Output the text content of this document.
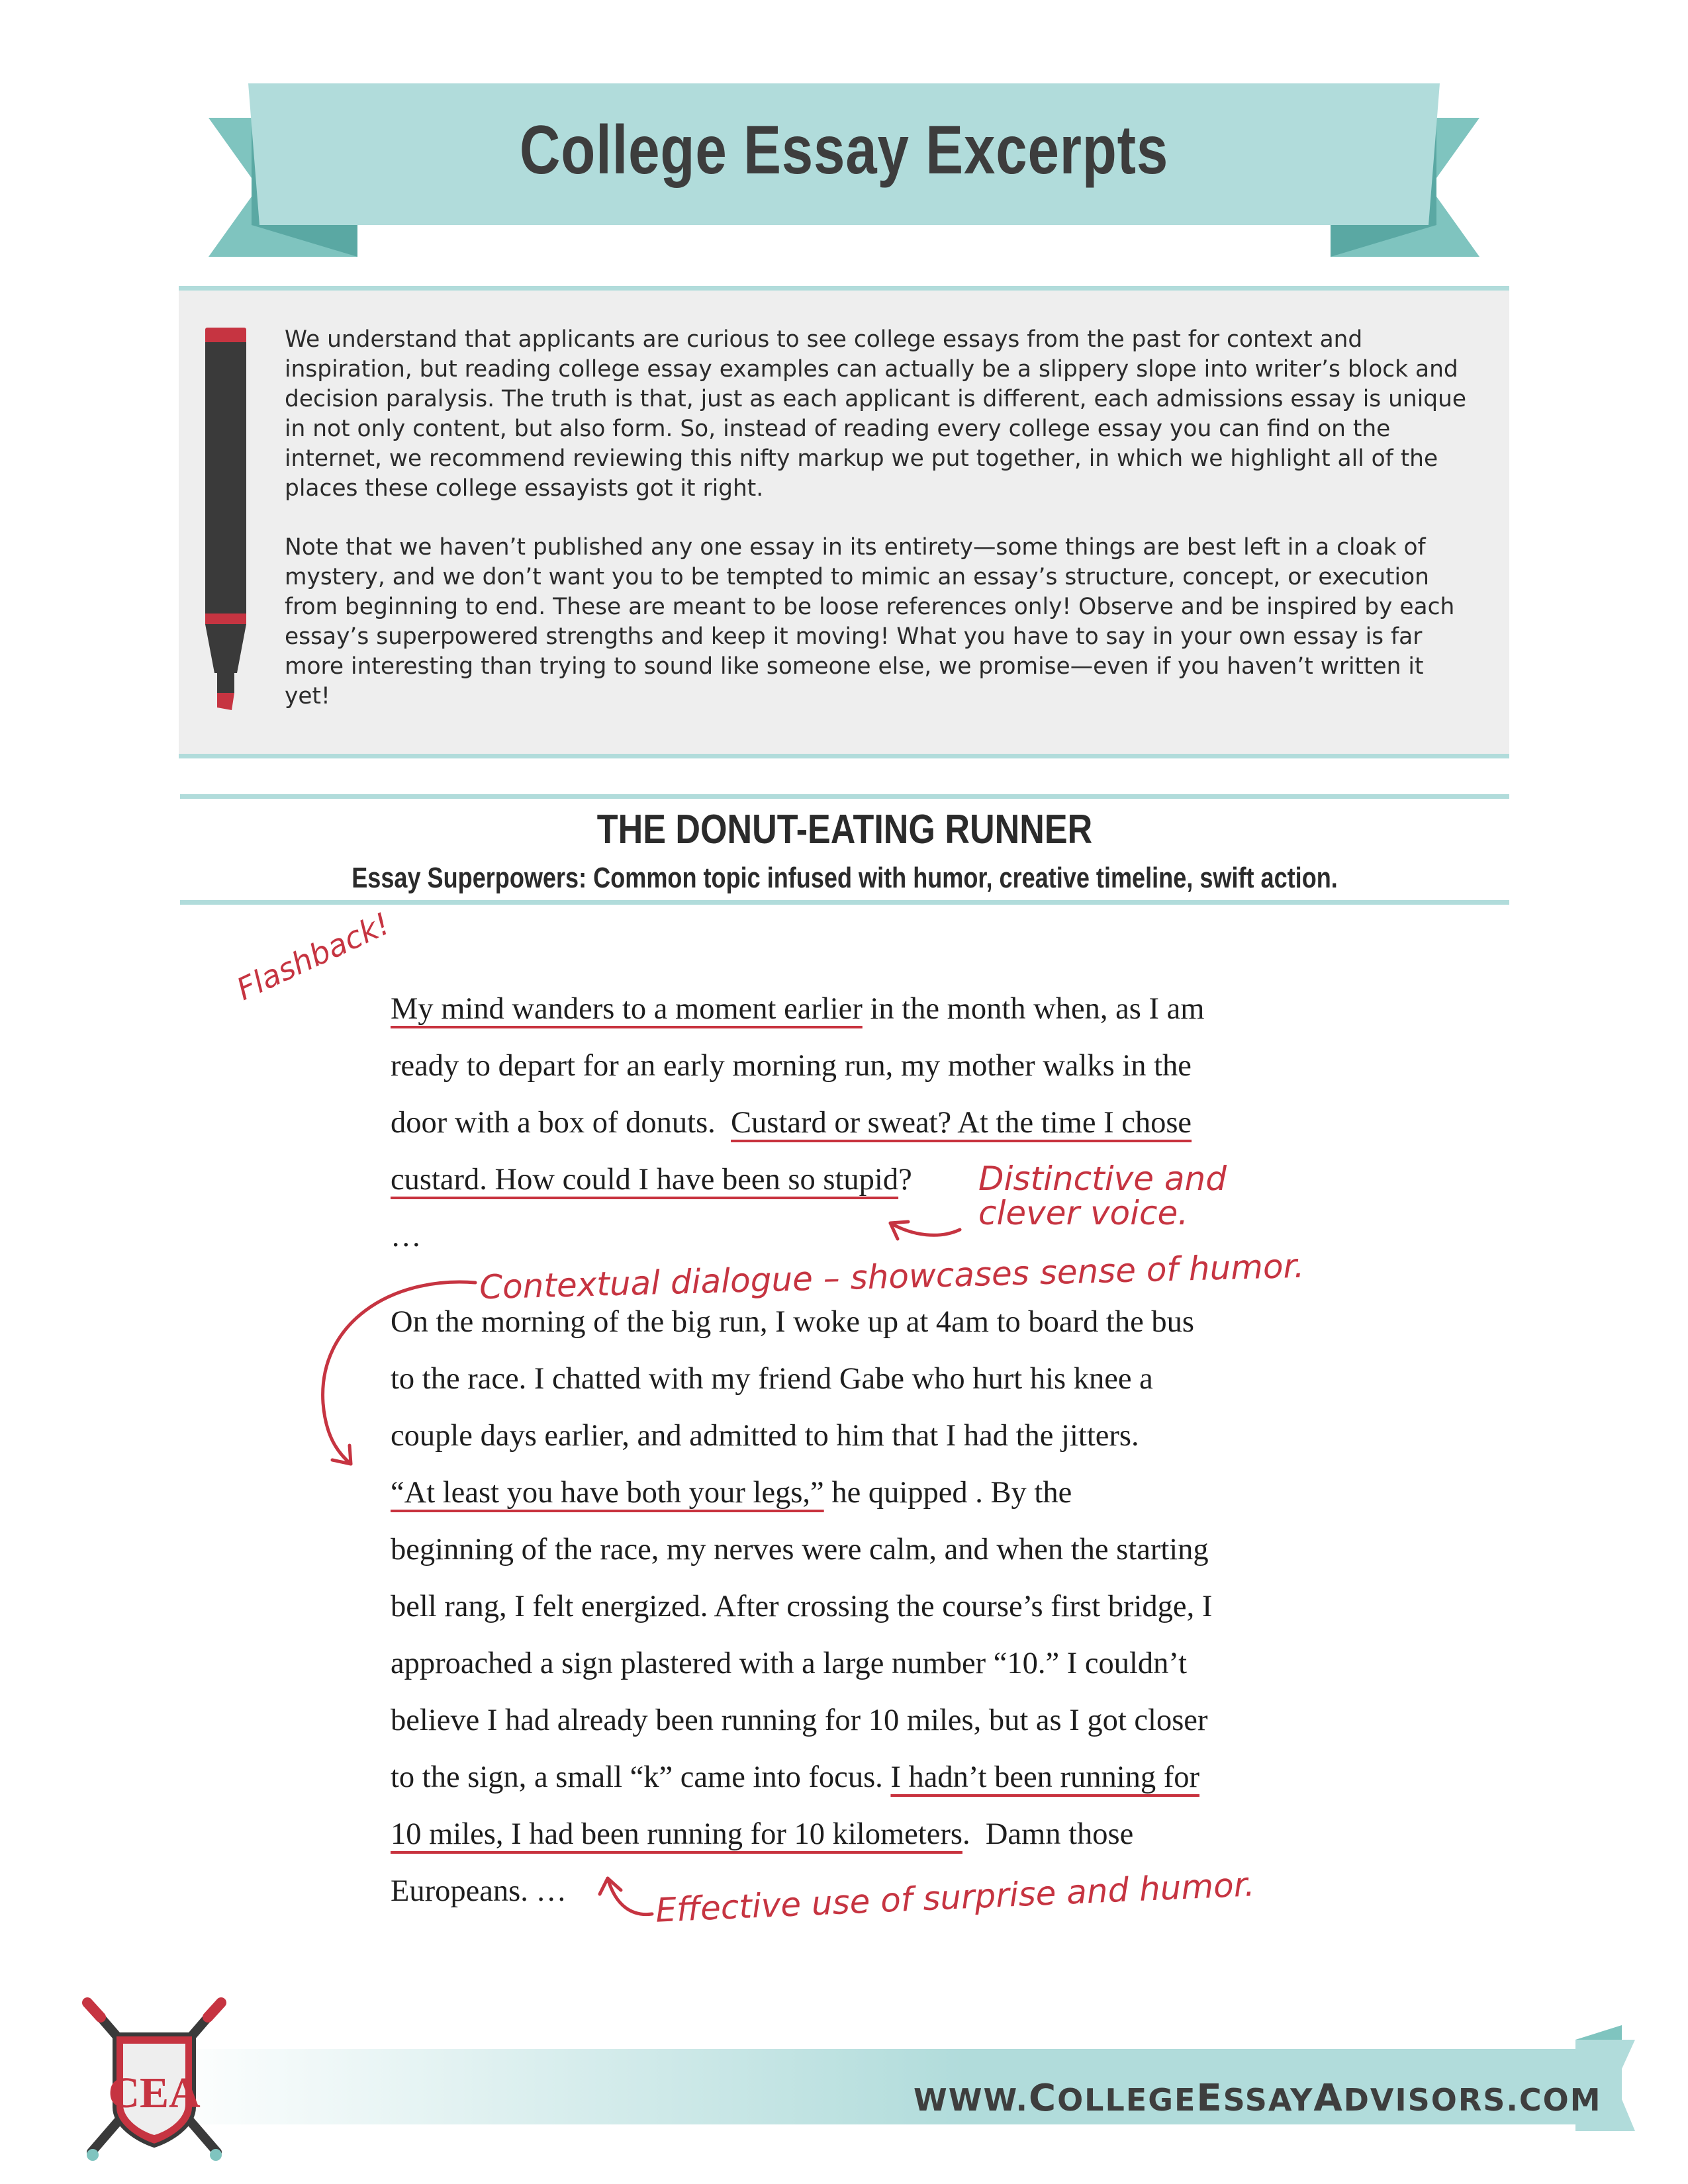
College Essay Excerpts

We understand that applicants are curious to see college essays from the past for context and inspiration, but reading college essay examples can actually be a slippery slope into writer’s block and decision paralysis. The truth is that, just as each applicant is different, each admissions essay is unique in not only content, but also form. So, instead of reading every college essay you can find on the internet, we recommend reviewing this nifty markup we put together, in which we highlight all of the places these college essayists got it right.

Note that we haven’t published any one essay in its entirety—some things are best left in a cloak of mystery, and we don’t want you to be tempted to mimic an essay’s structure, concept, or execution from beginning to end. These are meant to be loose references only! Observe and be inspired by each essay’s superpowered strengths and keep it moving! What you have to say in your own essay is far more interesting than trying to sound like someone else, we promise—even if you haven’t written it yet!

THE DONUT-EATING RUNNER
Essay Superpowers: Common topic infused with humor, creative timeline, swift action.
My mind wanders to a moment earlier in the month when, as I am
ready to depart for an early morning run, my mother walks in the
door with a box of donuts.  Custard or sweat? At the time I chose
custard. How could I have been so stupid?
…
On the morning of the big run, I woke up at 4am to board the bus
to the race. I chatted with my friend Gabe who hurt his knee a
couple days earlier, and admitted to him that I had the jitters.
“At least you have both your legs,” he quipped . By the
beginning of the race, my nerves were calm, and when the starting
bell rang, I felt energized. After crossing the course’s first bridge, I
approached a sign plastered with a large number “10.” I couldn’t
believe I had already been running for 10 miles, but as I got closer
to the sign, a small “k” came into focus. I hadn’t been running for
10 miles, I had been running for 10 kilometers.  Damn those
Europeans. …
Flashback!
Distinctive and
clever voice.
Contextual dialogue – showcases sense of humor.
Effective use of surprise and humor.
CEA	WWW.COLLEGEESSAYADVISORS.COM
